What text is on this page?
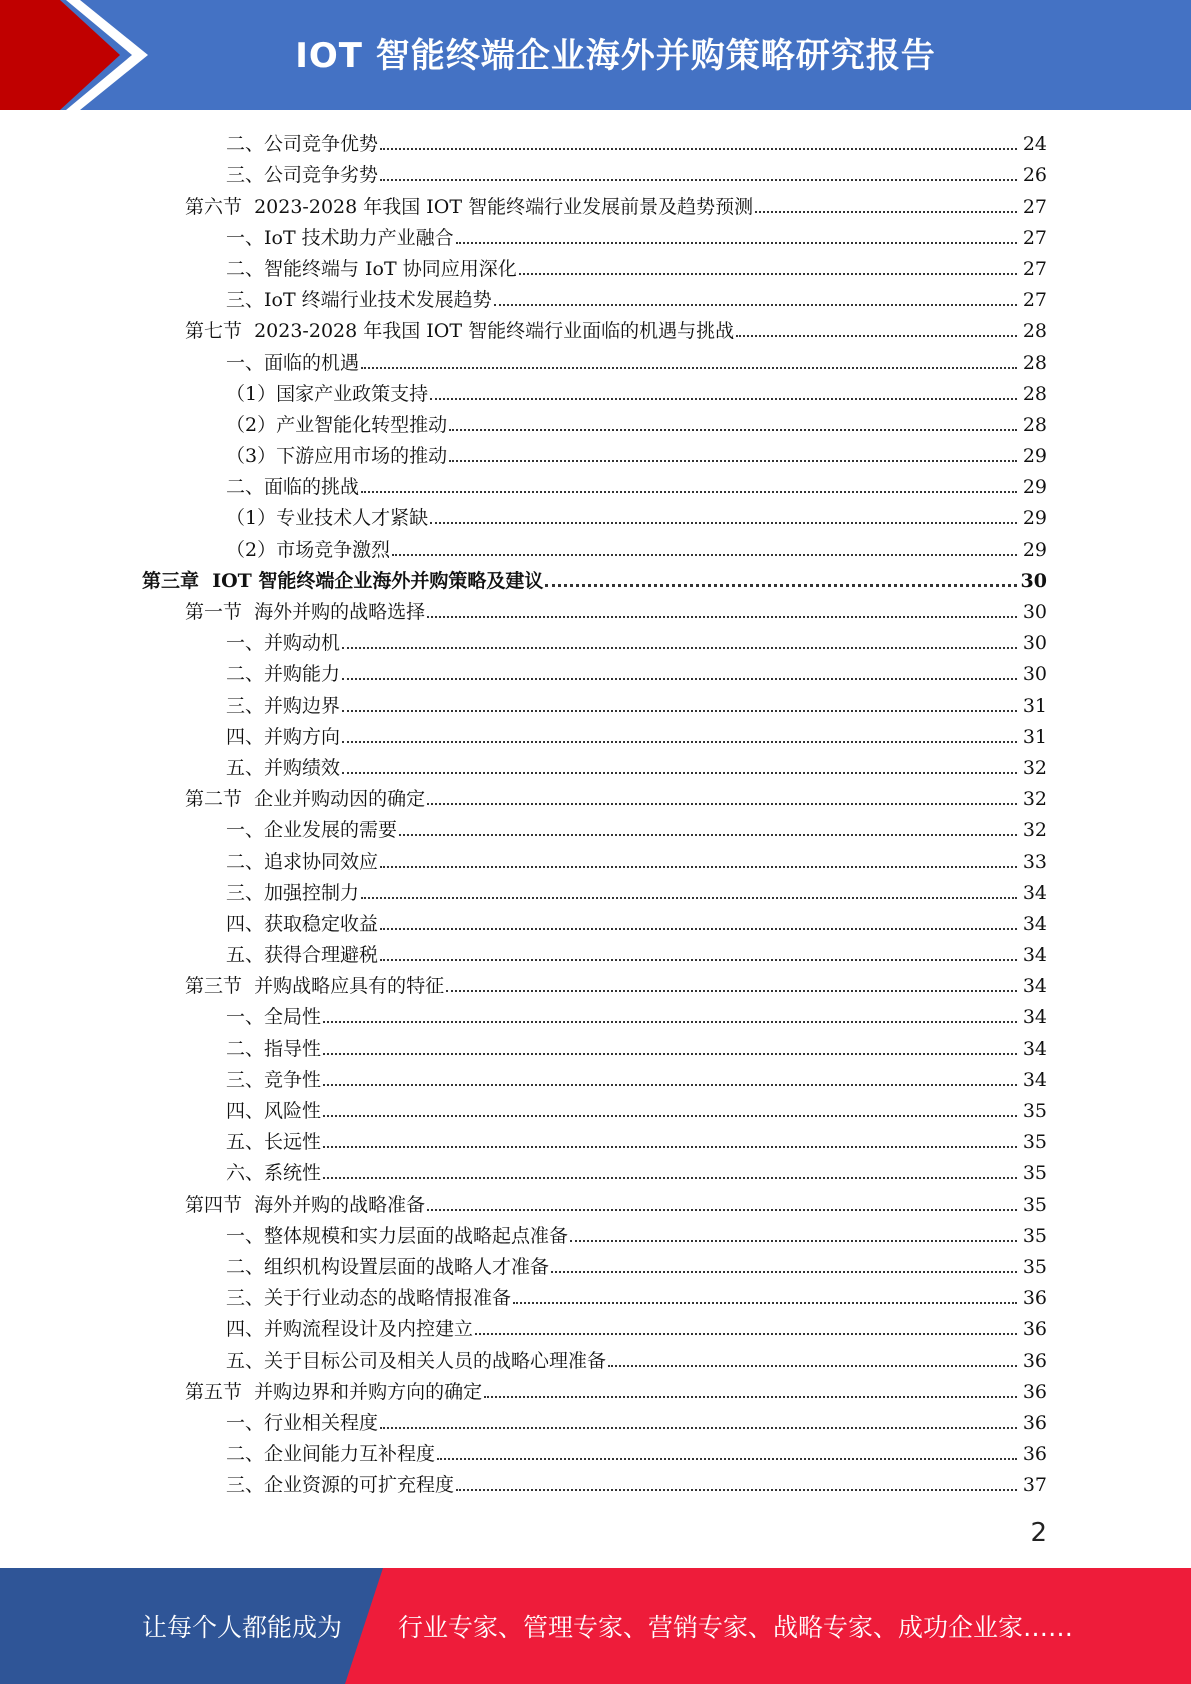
IOT 智能终端企业海外并购策略研究报告
二、公司竞争优势	24
三、公司竞争劣势	26
第六节  2023-2028 年我国 IOT 智能终端行业发展前景及趋势预测	27
一、IoT 技术助力产业融合	27
二、智能终端与 IoT 协同应用深化	27
三、IoT 终端行业技术发展趋势	27
第七节  2023-2028 年我国 IOT 智能终端行业面临的机遇与挑战	28
一、面临的机遇	28
（1）国家产业政策支持	28
（2）产业智能化转型推动	28
（3）下游应用市场的推动	29
二、面临的挑战	29
（1）专业技术人才紧缺	29
（2）市场竞争激烈	29
第三章  IOT 智能终端企业海外并购策略及建议	30
第一节  海外并购的战略选择	30
一、并购动机	30
二、并购能力	30
三、并购边界	31
四、并购方向	31
五、并购绩效	32
第二节  企业并购动因的确定	32
一、企业发展的需要	32
二、追求协同效应	33
三、加强控制力	34
四、获取稳定收益	34
五、获得合理避税	34
第三节  并购战略应具有的特征	34
一、全局性	34
二、指导性	34
三、竞争性	34
四、风险性	35
五、长远性	35
六、系统性	35
第四节  海外并购的战略准备	35
一、整体规模和实力层面的战略起点准备	35
二、组织机构设置层面的战略人才准备	35
三、关于行业动态的战略情报准备	36
四、并购流程设计及内控建立	36
五、关于目标公司及相关人员的战略心理准备	36
第五节  并购边界和并购方向的确定	36
一、行业相关程度	36
二、企业间能力互补程度	36
三、企业资源的可扩充程度	37
2
让每个人都能成为 行业专家、管理专家、营销专家、战略专家、成功企业家……
